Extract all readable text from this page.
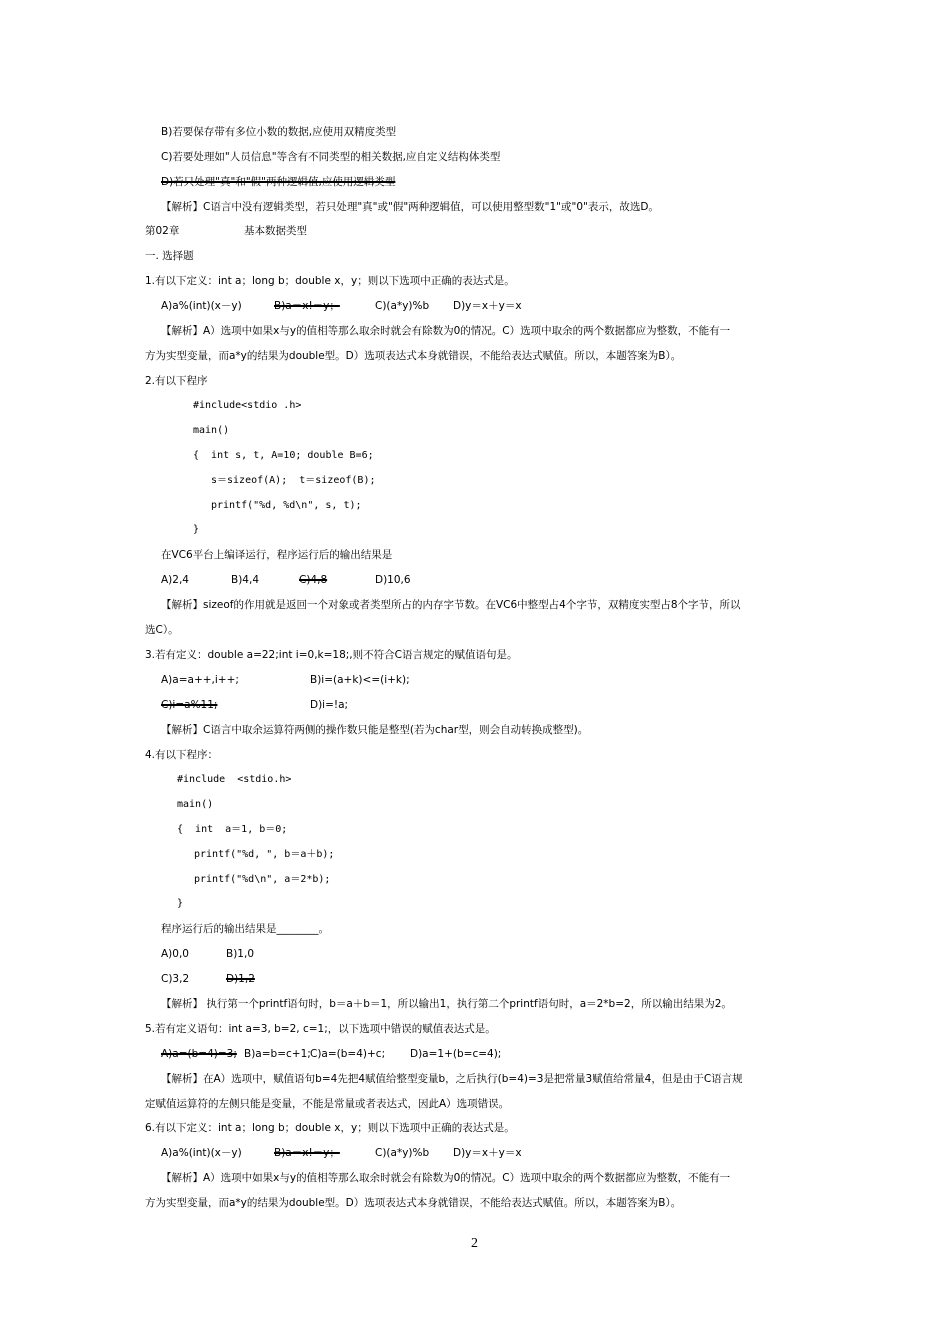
B)若要保存带有多位小数的数据,应使用双精度类型
C)若要处理如"人员信息"等含有不同类型的相关数据,应自定义结构体类型
D)若只处理"真"和"假"两种逻辑值,应使用逻辑类型
【解析】C语言中没有逻辑类型，若只处理"真"或"假"两种逻辑值，可以使用整型数"1"或"0"表示，故选D。
第02章	基本数据类型
一. 选择题
1.有以下定义：int a；long b；double x，y；则以下选项中正确的表达式是。
A)a%(int)(x－y)	B)a＝x!＝y；	C)(a*y)%b D)y＝x＋y＝x
【解析】A）选项中如果x与y的值相等那么取余时就会有除数为0的情况。C）选项中取余的两个数据都应为整数，不能有一
方为实型变量，而a*y的结果为double型。D）选项表达式本身就错误，不能给表达式赋值。所以，本题答案为B）。
2.有以下程序
#include<stdio .h>
main()
{  int s, t, A=10; double B=6;
s＝sizeof(A);  t＝sizeof(B);
printf("%d, %d\n", s, t);
}
在VC6平台上编译运行，程序运行后的输出结果是
A)2,4	B)4,4	C)4,8	D)10,6
【解析】sizeof的作用就是返回一个对象或者类型所占的内存字节数。在VC6中整型占4个字节，双精度实型占8个字节，所以
选C）。
3.若有定义：double a=22;int i=0,k=18;,则不符合C语言规定的赋值语句是。
A)a=a++,i++;	B)i=(a+k)<=(i+k);
C)i=a%11;	D)i=!a;
【解析】C语言中取余运算符两侧的操作数只能是整型(若为char型，则会自动转换成整型)。
4.有以下程序：
#include  <stdio.h>
main()
{  int  a＝1, b＝0;
printf("%d, ", b＝a＋b);
printf("%d\n", a＝2*b);
}
程序运行后的输出结果是________。
A)0,0	B)1,0
C)3,2	D)1,2
【解析】 执行第一个printf语句时，b＝a＋b＝1，所以输出1，执行第二个printf语句时，a＝2*b=2，所以输出结果为2。
5.若有定义语句：int a=3, b=2, c=1;，以下选项中错误的赋值表达式是。
A)a=(b=4)=3; B)a=b=c+1; C)a=(b=4)+c; D)a=1+(b=c=4);
【解析】在A）选项中，赋值语句b=4先把4赋值给整型变量b，之后执行(b=4)=3是把常量3赋值给常量4，但是由于C语言规
定赋值运算符的左侧只能是变量，不能是常量或者表达式，因此A）选项错误。
6.有以下定义：int a；long b；double x，y；则以下选项中正确的表达式是。
A)a%(int)(x－y)	B)a＝x!＝y；	C)(a*y)%b D)y＝x＋y＝x
【解析】A）选项中如果x与y的值相等那么取余时就会有除数为0的情况。C）选项中取余的两个数据都应为整数，不能有一
方为实型变量，而a*y的结果为double型。D）选项表达式本身就错误，不能给表达式赋值。所以，本题答案为B）。
2
